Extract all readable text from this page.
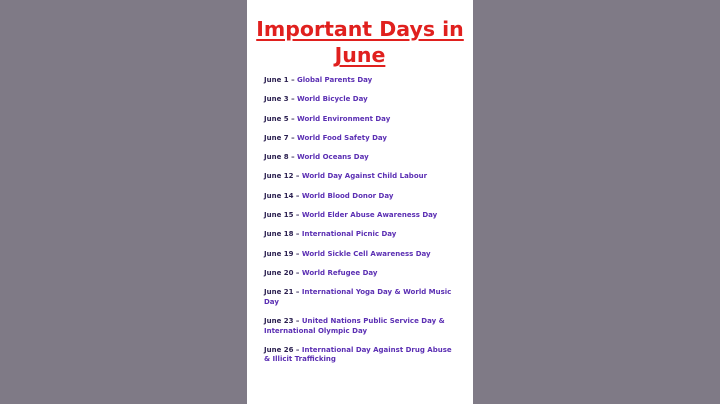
Important Days in June
June 1 – Global Parents Day
June 3 – World Bicycle Day
June 5 – World Environment Day
June 7 – World Food Safety Day
June 8 – World Oceans Day
June 12 – World Day Against Child Labour
June 14 – World Blood Donor Day
June 15 – World Elder Abuse Awareness Day
June 18 – International Picnic Day
June 19 – World Sickle Cell Awareness Day
June 20 – World Refugee Day
June 21 – International Yoga Day & World Music Day
June 23 – United Nations Public Service Day & International Olympic Day
June 26 – International Day Against Drug Abuse & Illicit Trafficking
